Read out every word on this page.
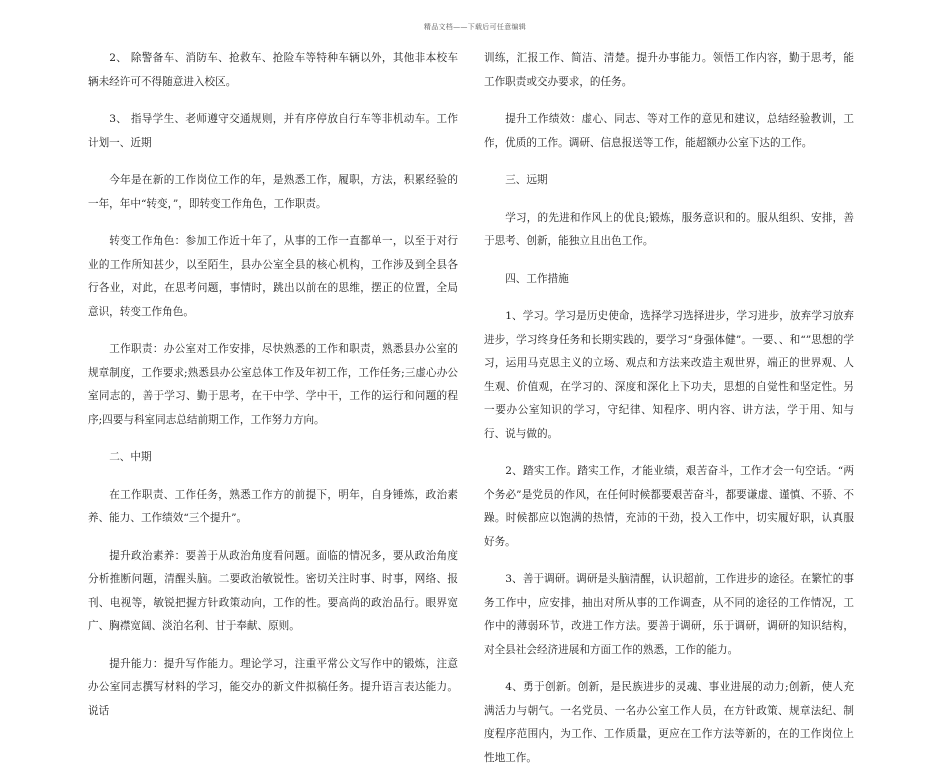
精品文档——下载后可任意编辑

2、 除警备车、消防车、抢救车、抢险车等特种车辆以外，其他非本校车辆未经许可不得随意进入校区。

3、 指导学生、老师遵守交通规则，并有序停放自行车等非机动车。工作计划一、近期

今年是在新的工作岗位工作的年，是熟悉工作，履职，方法，积累经验的一年，年中“转变，”，即转变工作角色，工作职责。

转变工作角色：参加工作近十年了，从事的工作一直都单一，以至于对行业的工作所知甚少，以至陌生，县办公室全县的核心机构，工作涉及到全县各行各业，对此，在思考问题，事情时，跳出以前在的思维，摆正的位置，全局意识，转变工作角色。

工作职责：办公室对工作安排，尽快熟悉的工作和职责，熟悉县办公室的规章制度，工作要求;熟悉县办公室总体工作及年初工作，工作任务;三虚心办公室同志的，善于学习、勤于思考，在干中学、学中干，工作的运行和问题的程序;四要与科室同志总结前期工作，工作努力方向。

二、中期

在工作职责、工作任务，熟悉工作方的前提下，明年，自身锤炼，政治素养、能力、工作绩效“三个提升”。

提升政治素养：要善于从政治角度看问题。面临的情况多，要从政治角度分析推断问题，清醒头脑。二要政治敏锐性。密切关注时事、时事，网络、报刊、电视等，敏锐把握方针政策动向，工作的性。要高尚的政治品行。眼界宽广、胸襟宽阔、淡泊名利、甘于奉献、原则。

提升能力：提升写作能力。理论学习，注重平常公文写作中的锻炼，注意办公室同志撰写材料的学习，能交办的新文件拟稿任务。提升语言表达能力。说话

训练，汇报工作、简洁、清楚。提升办事能力。领悟工作内容，勤于思考，能工作职责或交办要求，的任务。

提升工作绩效：虚心、同志、等对工作的意见和建议，总结经验教训，工作，优质的工作。调研、信息报送等工作，能超额办公室下达的工作。

三、远期

学习，的先进和作风上的优良;锻炼，服务意识和的。服从组织、安排，善于思考、创新，能独立且出色工作。

四、工作措施

1、学习。学习是历史使命，选择学习选择进步，学习进步，放弃学习放弃进步，学习终身任务和长期实践的，要学习“身强体健”。一要、、和“”思想的学习，运用马克思主义的立场、观点和方法来改造主观世界，端正的世界观、人生观、价值观，在学习的、深度和深化上下功夫，思想的自觉性和坚定性。另一要办公室知识的学习，守纪律、知程序、明内容、讲方法，学于用、知与行、说与做的。

2、踏实工作。踏实工作，才能业绩，艰苦奋斗，工作才会一句空话。“两个务必”是党员的作风，在任何时候都要艰苦奋斗，都要谦虚、谨慎、不骄、不躁。时候都应以饱满的热情，充沛的干劲，投入工作中，切实履好职，认真服好务。

3、善于调研。调研是头脑清醒，认识超前，工作进步的途径。在繁忙的事务工作中，应安排，抽出对所从事的工作调查，从不同的途径的工作情况，工作中的薄弱环节，改进工作方法。要善于调研，乐于调研，调研的知识结构，对全县社会经济进展和方面工作的熟悉，工作的能力。

4、勇于创新。创新，是民族进步的灵魂、事业进展的动力;创新，使人充满活力与朝气。一名党员、一名办公室工作人员，在方针政策、规章法纪、制度程序范围内，为工作、工作质量，更应在工作方法等新的，在的工作岗位上性地工作。
